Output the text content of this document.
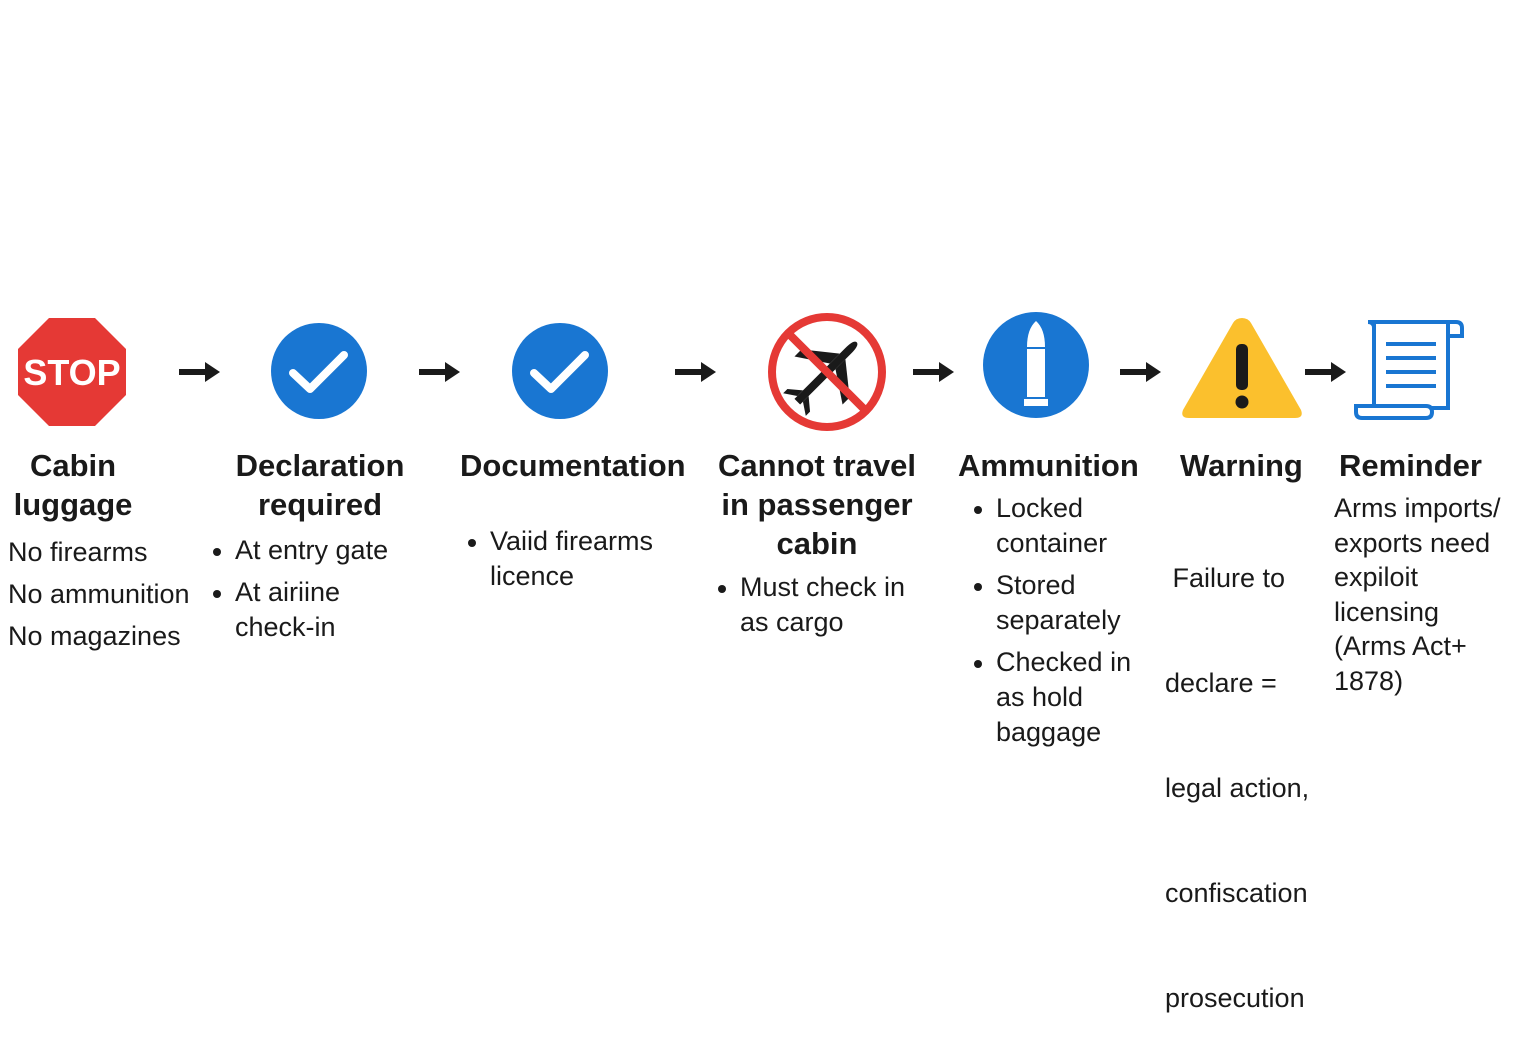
STOP
Cabin
luggage
No firearms
No ammunition
No magazines
Declaration
required
At entry gate
At airiine
check-in
Documentation
Vaiid firearms
licence
Cannot travel
in passenger
cabin
Must check in
as cargo
Ammunition
Locked
container
Stored
separately
Checked in
as hold
baggage
Warning

Failure to

declare =

legal action,

confiscation

prosecution

Reminder
Arms imports/
exports need
expiloit
licensing
(Arms Act+
1878)
